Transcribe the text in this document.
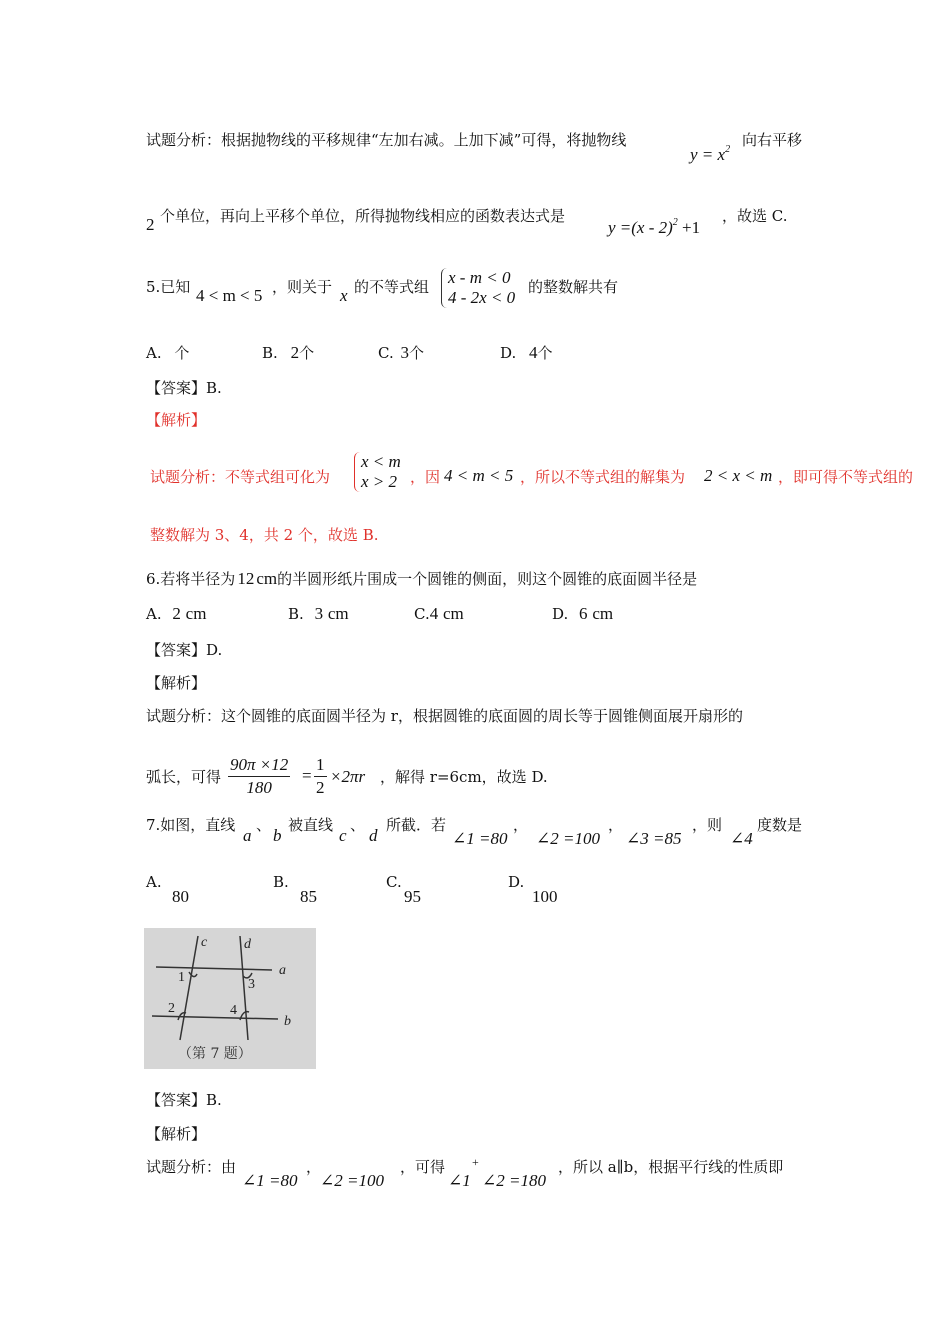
试题分析：根据抛物线的平移规律“左加右减。上加下减”可得，将抛物线
$y = x^2$
向右平移
2 个单位，再向上平移个单位，所得抛物线相应的函数表达式是
y =(x - 2)$^2$ +1
，故选 C.
5.已知 4 < m < 5 ，则关于 x 的不等式组 x - m < 0
4 - 2x < 0
的整数解共有
A. 个	B. 2个	C. 3个	D. 4个
【答案】B.
【解析】
试题分析：不等式组可化为
x < m
x > 2 ，因 4 < m < 5 ，所以不等式组的解集为 2 < x < m ，即可得不等式组的
整数解为 3、4，共 2 个，故选 B.
6.若将半径为 12 cm的半圆形纸片围成一个圆锥的侧面，则这个圆锥的底面圆半径是
A. 2 cm	B. 3 cm	C.4 cm	D. 6 cm
【答案】D.
【解析】
试题分析：这个圆锥的底面圆半径为 r，根据圆锥的底面圆的周长等于圆锥侧面展开扇形的
弧长，可得 $\frac{90\pi \times 12}{180} = \frac{1}{2} \times 2\pi r$ ，解得 r=6cm，故选 D.
7.如图，直线
a
、
b
被直线
c
、
d
所截．若
∠1 =80
，
∠2 =100
，
∠3 =85
，则
∠4
度数是
A.
80
B.
85
C.
95
D.
100
c	d
a
b
1	3
2	4
（第 7 题）
【答案】B.
【解析】
试题分析：由
∠1 =80
，
∠2 =100
，可得
∠1
+
∠2 =180
，所以 a∥b，根据平行线的性质即
